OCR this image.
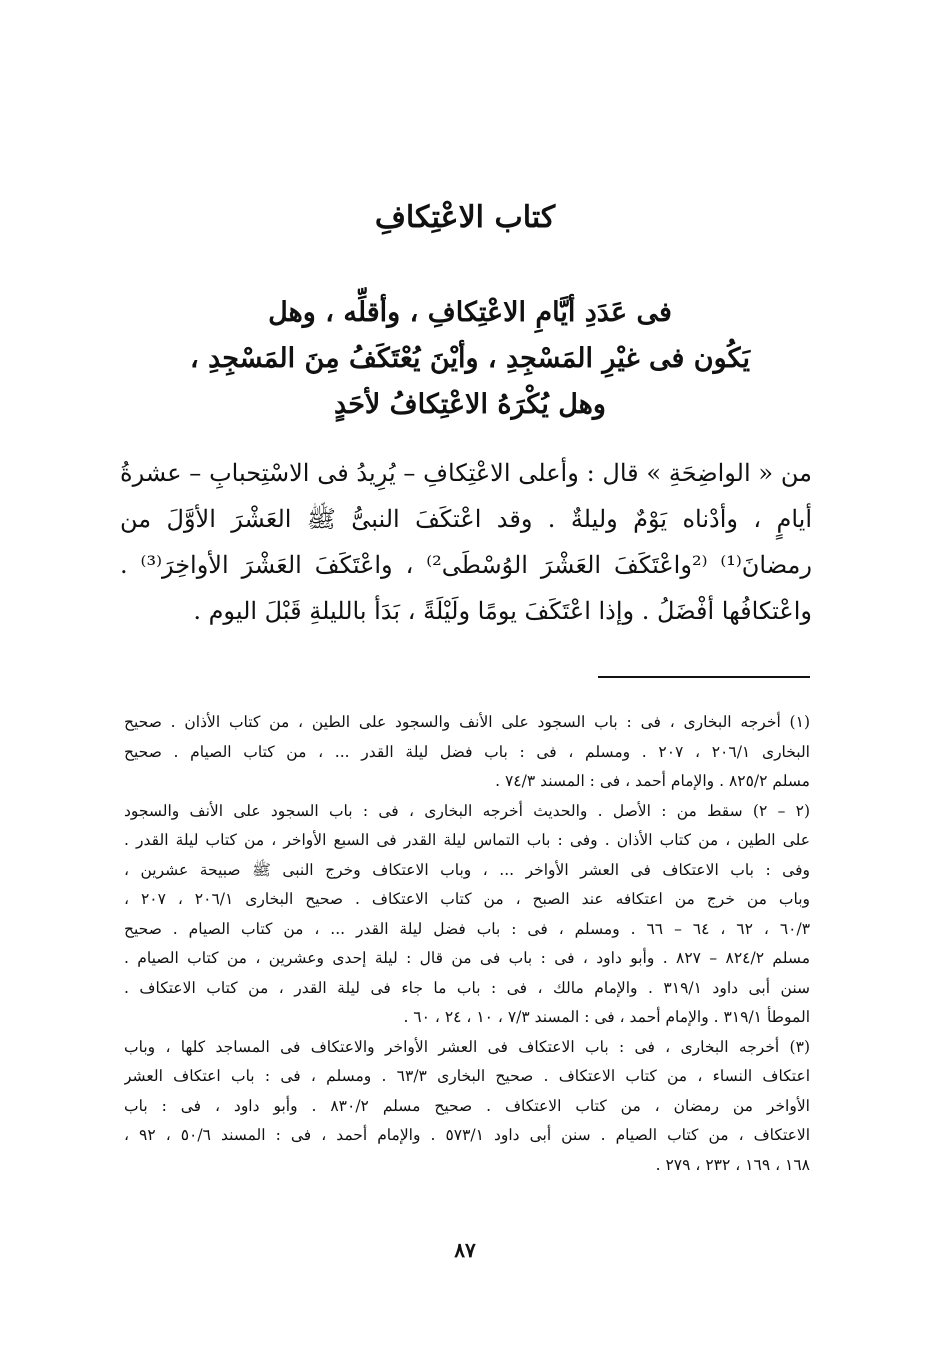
كتاب الاعْتِكافِ
فى عَدَدِ أيَّامِ الاعْتِكافِ ، وأقلِّه ، وهل
يَكُون فى غيْرِ المَسْجِدِ ، وأيْنَ يُعْتَكَفُ مِنَ المَسْجِدِ ،
وهل يُكْرَهُ الاعْتِكافُ لأحَدٍ
من « الواضِحَةِ » قال : وأعلى الاعْتِكافِ – يُرِيدُ فى الاسْتِحبابِ – عشرةُ
أيامٍ ، وأدْناه يَوْمٌ وليلةٌ . وقد اعْتكَفَ النبىُّ ﷺ العَشْرَ الأوَّلَ من
رمضانَ⁽¹⁾ ⁽²واعْتَكَفَ العَشْرَ الوُسْطَى²⁾ ، واعْتَكَفَ العَشْرَ الأواخِرَ⁽³⁾ .
واعْتكافُها أفْضَلُ . وإذا اعْتَكَفَ يومًا ولَيْلَةً ، بَدَأ بالليلةِ قَبْلَ اليوم .
(١) أخرجه البخارى ، فى : باب السجود على الأنف والسجود على الطين ، من كتاب الأذان . صحيح
البخارى ٢٠٦/١ ، ٢٠٧ . ومسلم ، فى : باب فضل ليلة القدر ... ، من كتاب الصيام . صحيح
مسلم ٨٢٥/٢ . والإمام أحمد ، فى : المسند ٧٤/٣ .
(٢ – ٢) سقط من : الأصل . والحديث أخرجه البخارى ، فى : باب السجود على الأنف والسجود
على الطين ، من كتاب الأذان . وفى : باب التماس ليلة القدر فى السبع الأواخر ، من كتاب ليلة القدر .
وفى : باب الاعتكاف فى العشر الأواخر ... ، وباب الاعتكاف وخرج النبى ﷺ صبيحة عشرين ،
وباب من خرج من اعتكافه عند الصبح ، من كتاب الاعتكاف . صحيح البخارى ٢٠٦/١ ، ٢٠٧ ،
٦٠/٣ ، ٦٢ ، ٦٤ – ٦٦ . ومسلم ، فى : باب فضل ليلة القدر ... ، من كتاب الصيام . صحيح
مسلم ٨٢٤/٢ – ٨٢٧ . وأبو داود ، فى : باب فى من قال : ليلة إحدى وعشرين ، من كتاب الصيام .
سنن أبى داود ٣١٩/١ . والإمام مالك ، فى : باب ما جاء فى ليلة القدر ، من كتاب الاعتكاف .
الموطأ ٣١٩/١ . والإمام أحمد ، فى : المسند ٧/٣ ، ١٠ ، ٢٤ ، ٦٠ .
(٣) أخرجه البخارى ، فى : باب الاعتكاف فى العشر الأواخر والاعتكاف فى المساجد كلها ، وباب
اعتكاف النساء ، من كتاب الاعتكاف . صحيح البخارى ٦٣/٣ . ومسلم ، فى : باب اعتكاف العشر
الأواخر من رمضان ، من كتاب الاعتكاف . صحيح مسلم ٨٣٠/٢ . وأبو داود ، فى : باب
الاعتكاف ، من كتاب الصيام . سنن أبى داود ٥٧٣/١ . والإمام أحمد ، فى : المسند ٥٠/٦ ، ٩٢ ،
١٦٨ ، ١٦٩ ، ٢٣٢ ، ٢٧٩ .
٨٧
